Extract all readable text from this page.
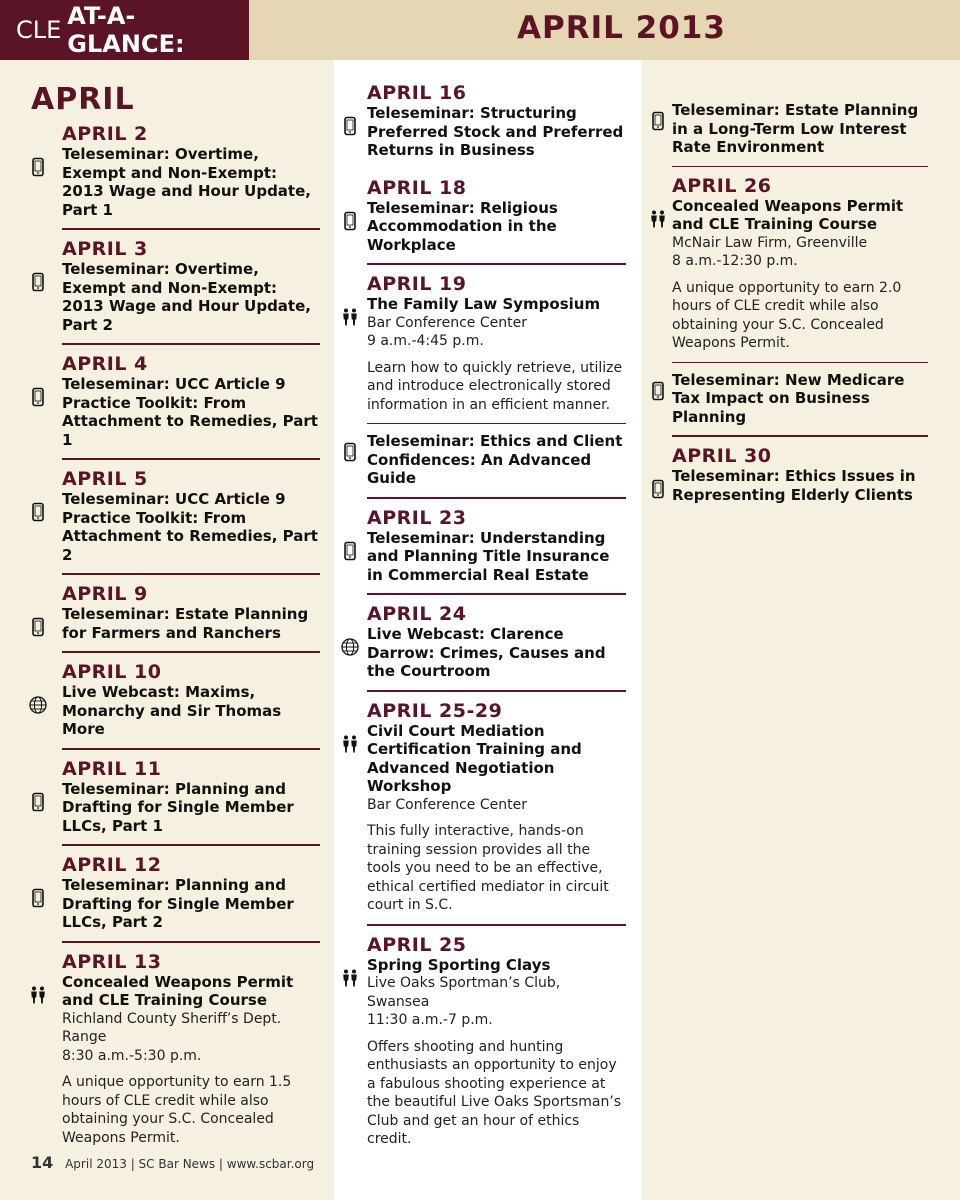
CLE AT-A-GLANCE:	APRIL 2013
APRIL
APRIL 2
Teleseminar: Overtime, Exempt and Non-Exempt: 2013 Wage and Hour Update, Part 1
APRIL 3
Teleseminar: Overtime, Exempt and Non-Exempt: 2013 Wage and Hour Update, Part 2
APRIL 4
Teleseminar: UCC Article 9 Practice Toolkit: From Attachment to Remedies, Part 1
APRIL 5
Teleseminar: UCC Article 9 Practice Toolkit: From Attachment to Remedies, Part 2
APRIL 9
Teleseminar: Estate Planning for Farmers and Ranchers
APRIL 10
Live Webcast: Maxims, Monarchy and Sir Thomas More
APRIL 11
Teleseminar: Planning and Drafting for Single Member LLCs, Part 1
APRIL 12
Teleseminar: Planning and Drafting for Single Member LLCs, Part 2
APRIL 13
Concealed Weapons Permit and CLE Training Course
Richland County Sheriff’s Dept. Range
8:30 a.m.-5:30 p.m.
A unique opportunity to earn 1.5 hours of CLE credit while also obtaining your S.C. Concealed Weapons Permit.
APRIL 16
Teleseminar: Structuring Preferred Stock and Preferred Returns in Business
APRIL 18
Teleseminar: Religious Accommodation in the Workplace
APRIL 19
The Family Law Symposium
Bar Conference Center
9 a.m.-4:45 p.m.
Learn how to quickly retrieve, utilize and introduce electronically stored information in an efficient manner.
Teleseminar: Ethics and Client Confidences: An Advanced Guide
APRIL 23
Teleseminar: Understanding and Planning Title Insurance in Commercial Real Estate
APRIL 24
Live Webcast: Clarence Darrow: Crimes, Causes and the Courtroom
APRIL 25-29
Civil Court Mediation Certification Training and Advanced Negotiation Workshop
Bar Conference Center
This fully interactive, hands-on training session provides all the tools you need to be an effective, ethical certified mediator in circuit court in S.C.
APRIL 25
Spring Sporting Clays
Live Oaks Sportman’s Club, Swansea
11:30 a.m.-7 p.m.
Offers shooting and hunting enthusiasts an opportunity to enjoy a fabulous shooting experience at the beautiful Live Oaks Sportsman’s Club and get an hour of ethics credit.
Teleseminar: Estate Planning in a Long-Term Low Interest Rate Environment
APRIL 26
Concealed Weapons Permit and CLE Training Course
McNair Law Firm, Greenville
8 a.m.-12:30 p.m.
A unique opportunity to earn 2.0 hours of CLE credit while also obtaining your S.C. Concealed Weapons Permit.
Teleseminar: New Medicare Tax Impact on Business Planning
APRIL 30
Teleseminar: Ethics Issues in Representing Elderly Clients
14 April 2013 | SC Bar News | www.scbar.org
